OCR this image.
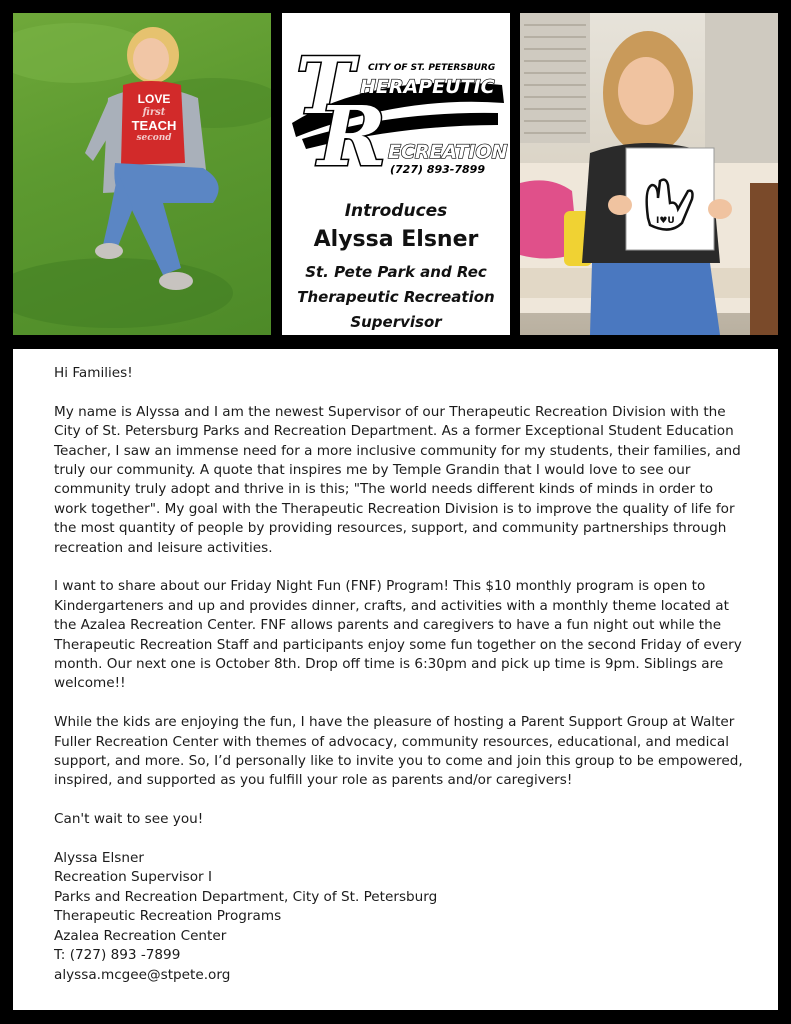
LOVE
first
TEACH
second
CITY OF ST. PETERSBURG
T HERAPEUTIC
R ECREATION
(727) 893-7899
Introduces
Alyssa Elsner
St. Pete Park and Rec
Therapeutic Recreation
Supervisor
I♥U

Hi Families!

My name is Alyssa and I am the newest Supervisor of our Therapeutic Recreation Division with the City of St. Petersburg Parks and Recreation Department. As a former Exceptional Student Education Teacher, I saw an immense need for a more inclusive community for my students, their families, and truly our community. A quote that inspires me by Temple Grandin that I would love to see our community truly adopt and thrive in is this; "The world needs different kinds of minds in order to work together". My goal with the Therapeutic Recreation Division is to improve the quality of life for the most quantity of people by providing resources, support, and community partnerships through recreation and leisure activities.

I want to share about our Friday Night Fun (FNF) Program! This $10 monthly program is open to Kindergarteners and up and provides dinner, crafts, and activities with a monthly theme located at the Azalea Recreation Center. FNF allows parents and caregivers to have a fun night out while the Therapeutic Recreation Staff and participants enjoy some fun together on the second Friday of every month. Our next one is October 8th. Drop off time is 6:30pm and pick up time is 9pm. Siblings are welcome!!

While the kids are enjoying the fun, I have the pleasure of hosting a Parent Support Group at Walter Fuller Recreation Center with themes of advocacy, community resources, educational, and medical support, and more. So, I’d personally like to invite you to come and join this group to be empowered, inspired, and supported as you fulfill your role as parents and/or caregivers!

Can't wait to see you!

Alyssa Elsner
Recreation Supervisor I
Parks and Recreation Department, City of St. Petersburg
Therapeutic Recreation Programs
Azalea Recreation Center
T: (727) 893 -7899
alyssa.mcgee@stpete.org
